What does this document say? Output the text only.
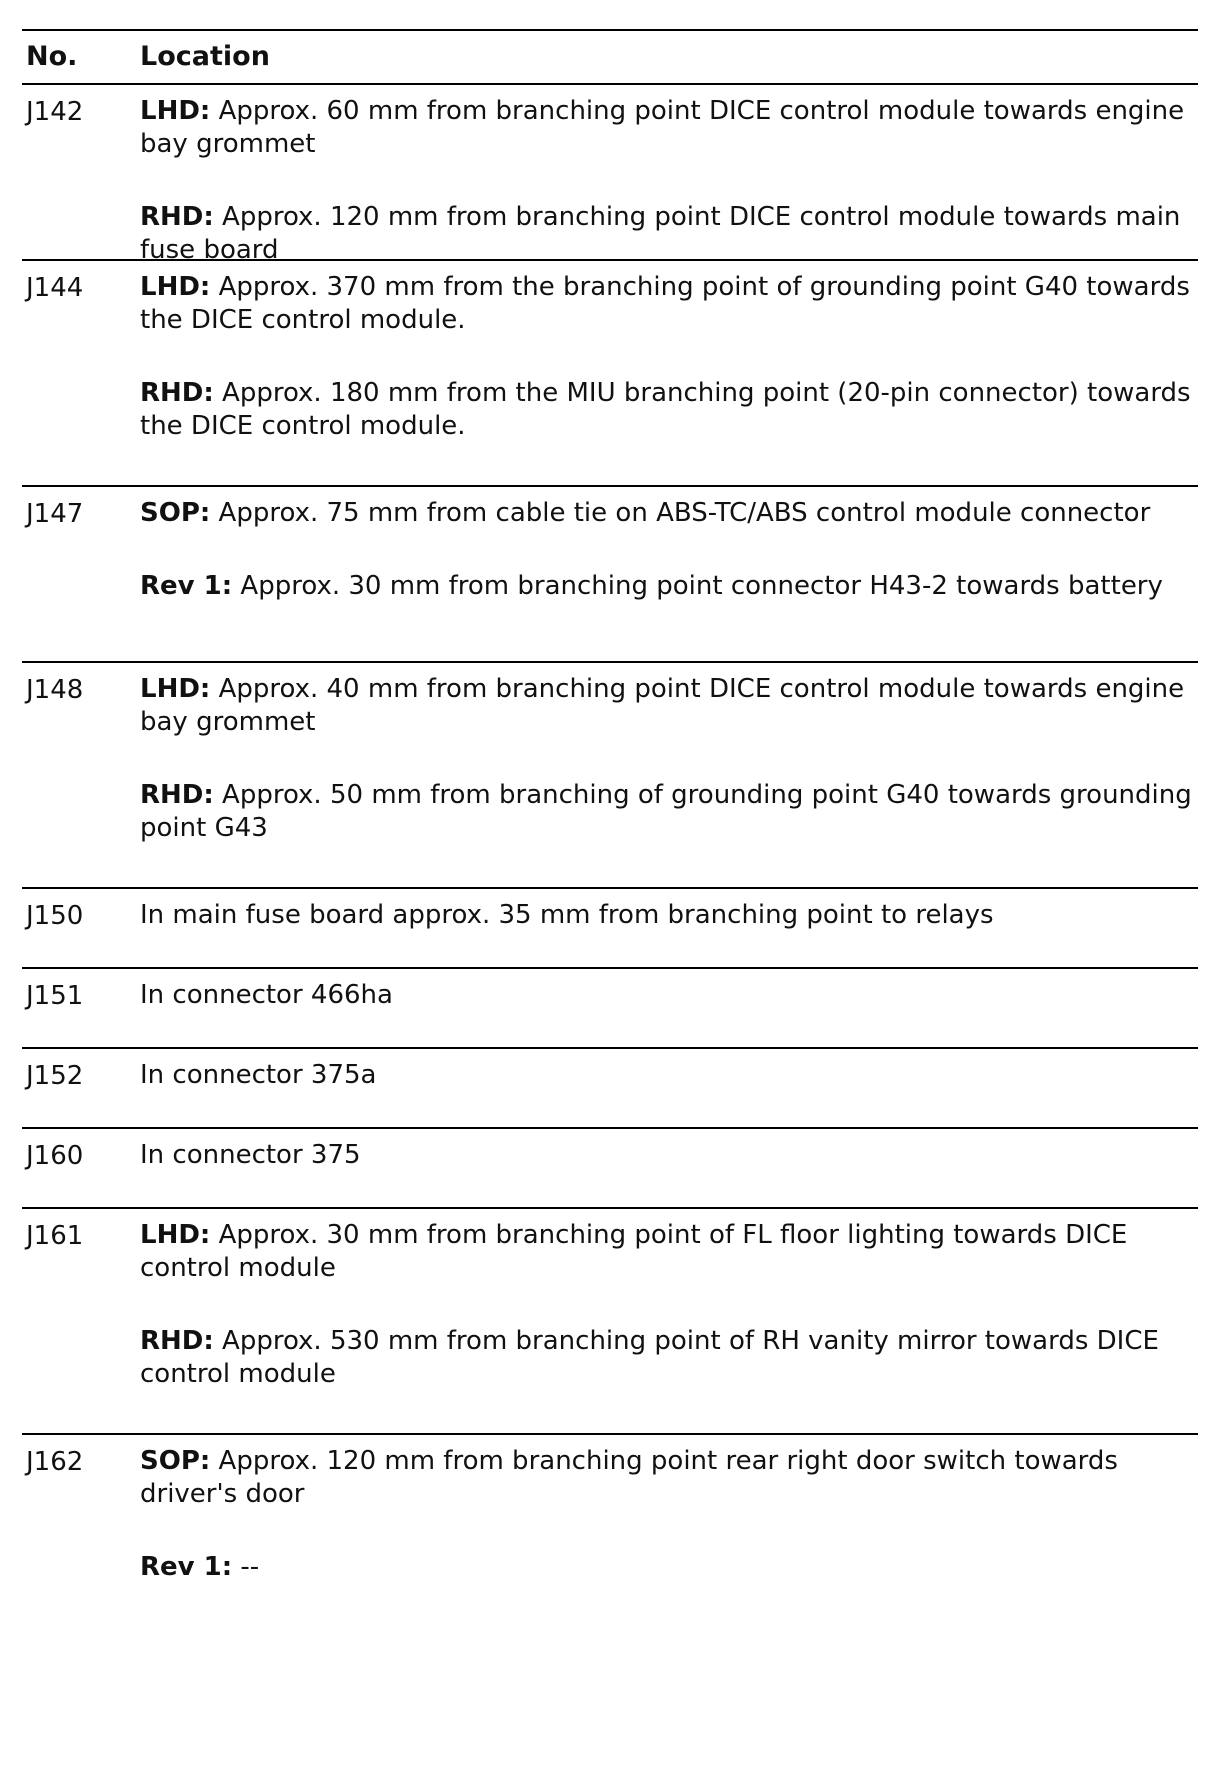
No.	Location
J142	LHD: Approx. 60 mm from branching point DICE control module towards engine bay grommet

RHD: Approx. 120 mm from branching point DICE control module towards main fuse board

J144	LHD: Approx. 370 mm from the branching point of grounding point G40 towards the DICE control module.

RHD: Approx. 180 mm from the MIU branching point (20-pin connector) towards the DICE control module.

J147	SOP: Approx. 75 mm from cable tie on ABS-TC/ABS control module connector

Rev 1: Approx. 30 mm from branching point connector H43-2 towards battery

J148	LHD: Approx. 40 mm from branching point DICE control module towards engine bay grommet

RHD: Approx. 50 mm from branching of grounding point G40 towards grounding point G43

J150	In main fuse board approx. 35 mm from branching point to relays

J151	In connector 466ha

J152	In connector 375a

J160	In connector 375

J161	LHD: Approx. 30 mm from branching point of FL floor lighting towards DICE control module

RHD: Approx. 530 mm from branching point of RH vanity mirror towards DICE control module

J162	SOP: Approx. 120 mm from branching point rear right door switch towards driver's door

Rev 1: --
